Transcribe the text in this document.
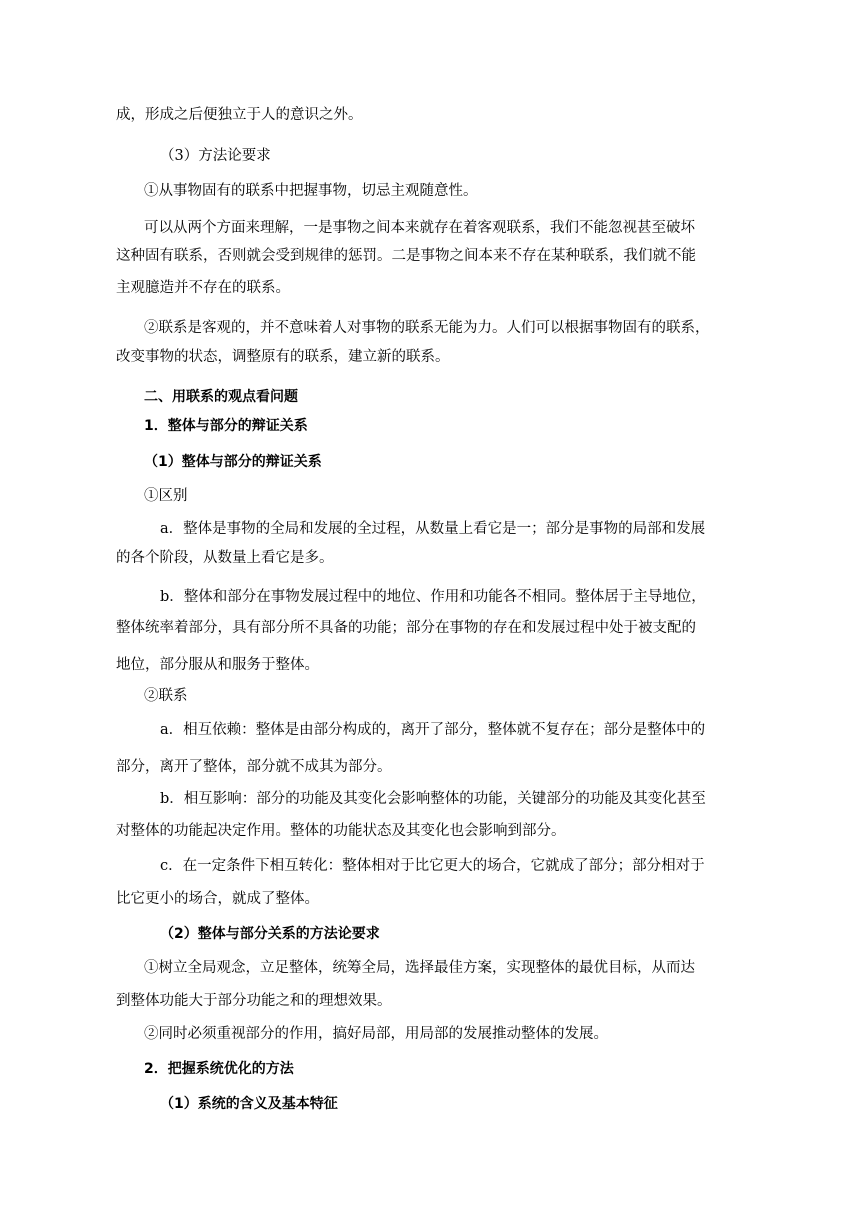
成，形成之后便独立于人的意识之外。
（3）方法论要求
①从事物固有的联系中把握事物，切忌主观随意性。
可以从两个方面来理解，一是事物之间本来就存在着客观联系，我们不能忽视甚至破坏
这种固有联系，否则就会受到规律的惩罚。二是事物之间本来不存在某种联系，我们就不能
主观臆造并不存在的联系。
②联系是客观的，并不意味着人对事物的联系无能为力。人们可以根据事物固有的联系，
改变事物的状态，调整原有的联系，建立新的联系。
二、用联系的观点看问题
1．整体与部分的辩证关系
（1）整体与部分的辩证关系
①区别
a．整体是事物的全局和发展的全过程，从数量上看它是一；部分是事物的局部和发展
的各个阶段，从数量上看它是多。
b．整体和部分在事物发展过程中的地位、作用和功能各不相同。整体居于主导地位，
整体统率着部分，具有部分所不具备的功能；部分在事物的存在和发展过程中处于被支配的
地位，部分服从和服务于整体。
②联系
a．相互依赖：整体是由部分构成的，离开了部分，整体就不复存在；部分是整体中的
部分，离开了整体，部分就不成其为部分。
b．相互影响：部分的功能及其变化会影响整体的功能，关键部分的功能及其变化甚至
对整体的功能起决定作用。整体的功能状态及其变化也会影响到部分。
c．在一定条件下相互转化：整体相对于比它更大的场合，它就成了部分；部分相对于
比它更小的场合，就成了整体。
（2）整体与部分关系的方法论要求
①树立全局观念，立足整体，统筹全局，选择最佳方案，实现整体的最优目标，从而达
到整体功能大于部分功能之和的理想效果。
②同时必须重视部分的作用，搞好局部，用局部的发展推动整体的发展。
2．把握系统优化的方法
（1）系统的含义及基本特征
